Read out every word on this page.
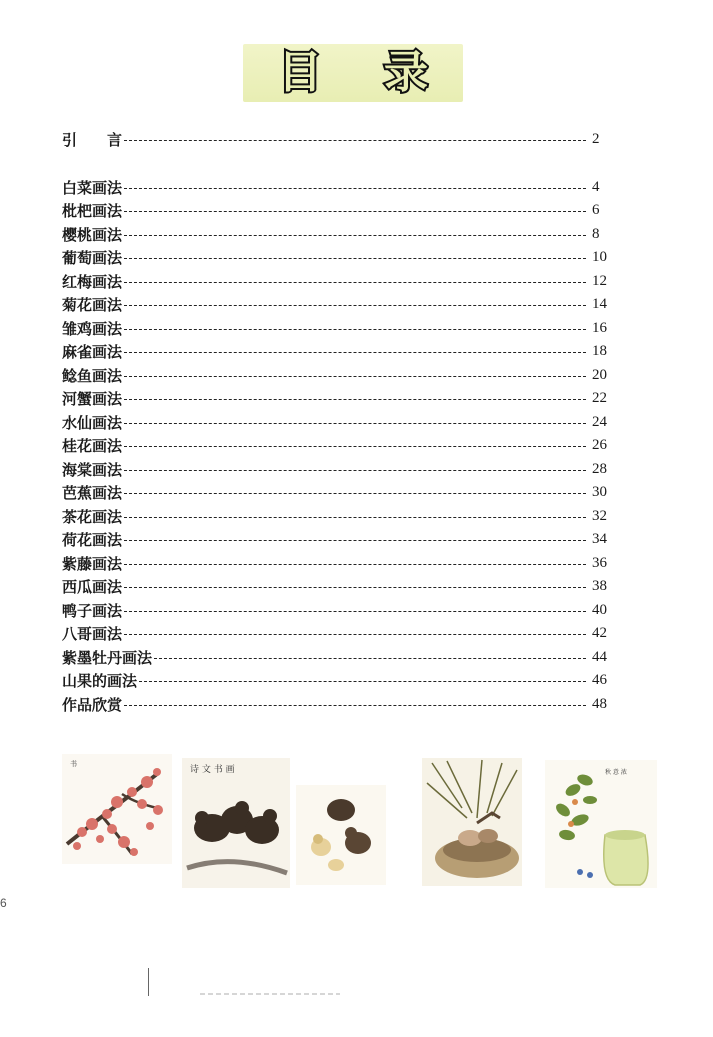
目 录
引　　言	2
白菜画法	4
枇杷画法	6
樱桃画法	8
葡萄画法	10
红梅画法	12
菊花画法	14
雏鸡画法	16
麻雀画法	18
鲶鱼画法	20
河蟹画法	22
水仙画法	24
桂花画法	26
海棠画法	28
芭蕉画法	30
茶花画法	32
荷花画法	34
紫藤画法	36
西瓜画法	38
鸭子画法	40
八哥画法	42
紫墨牡丹画法	44
山果的画法	46
作品欣赏	48
书
诗 文 书 画	秋 意 浓
6
